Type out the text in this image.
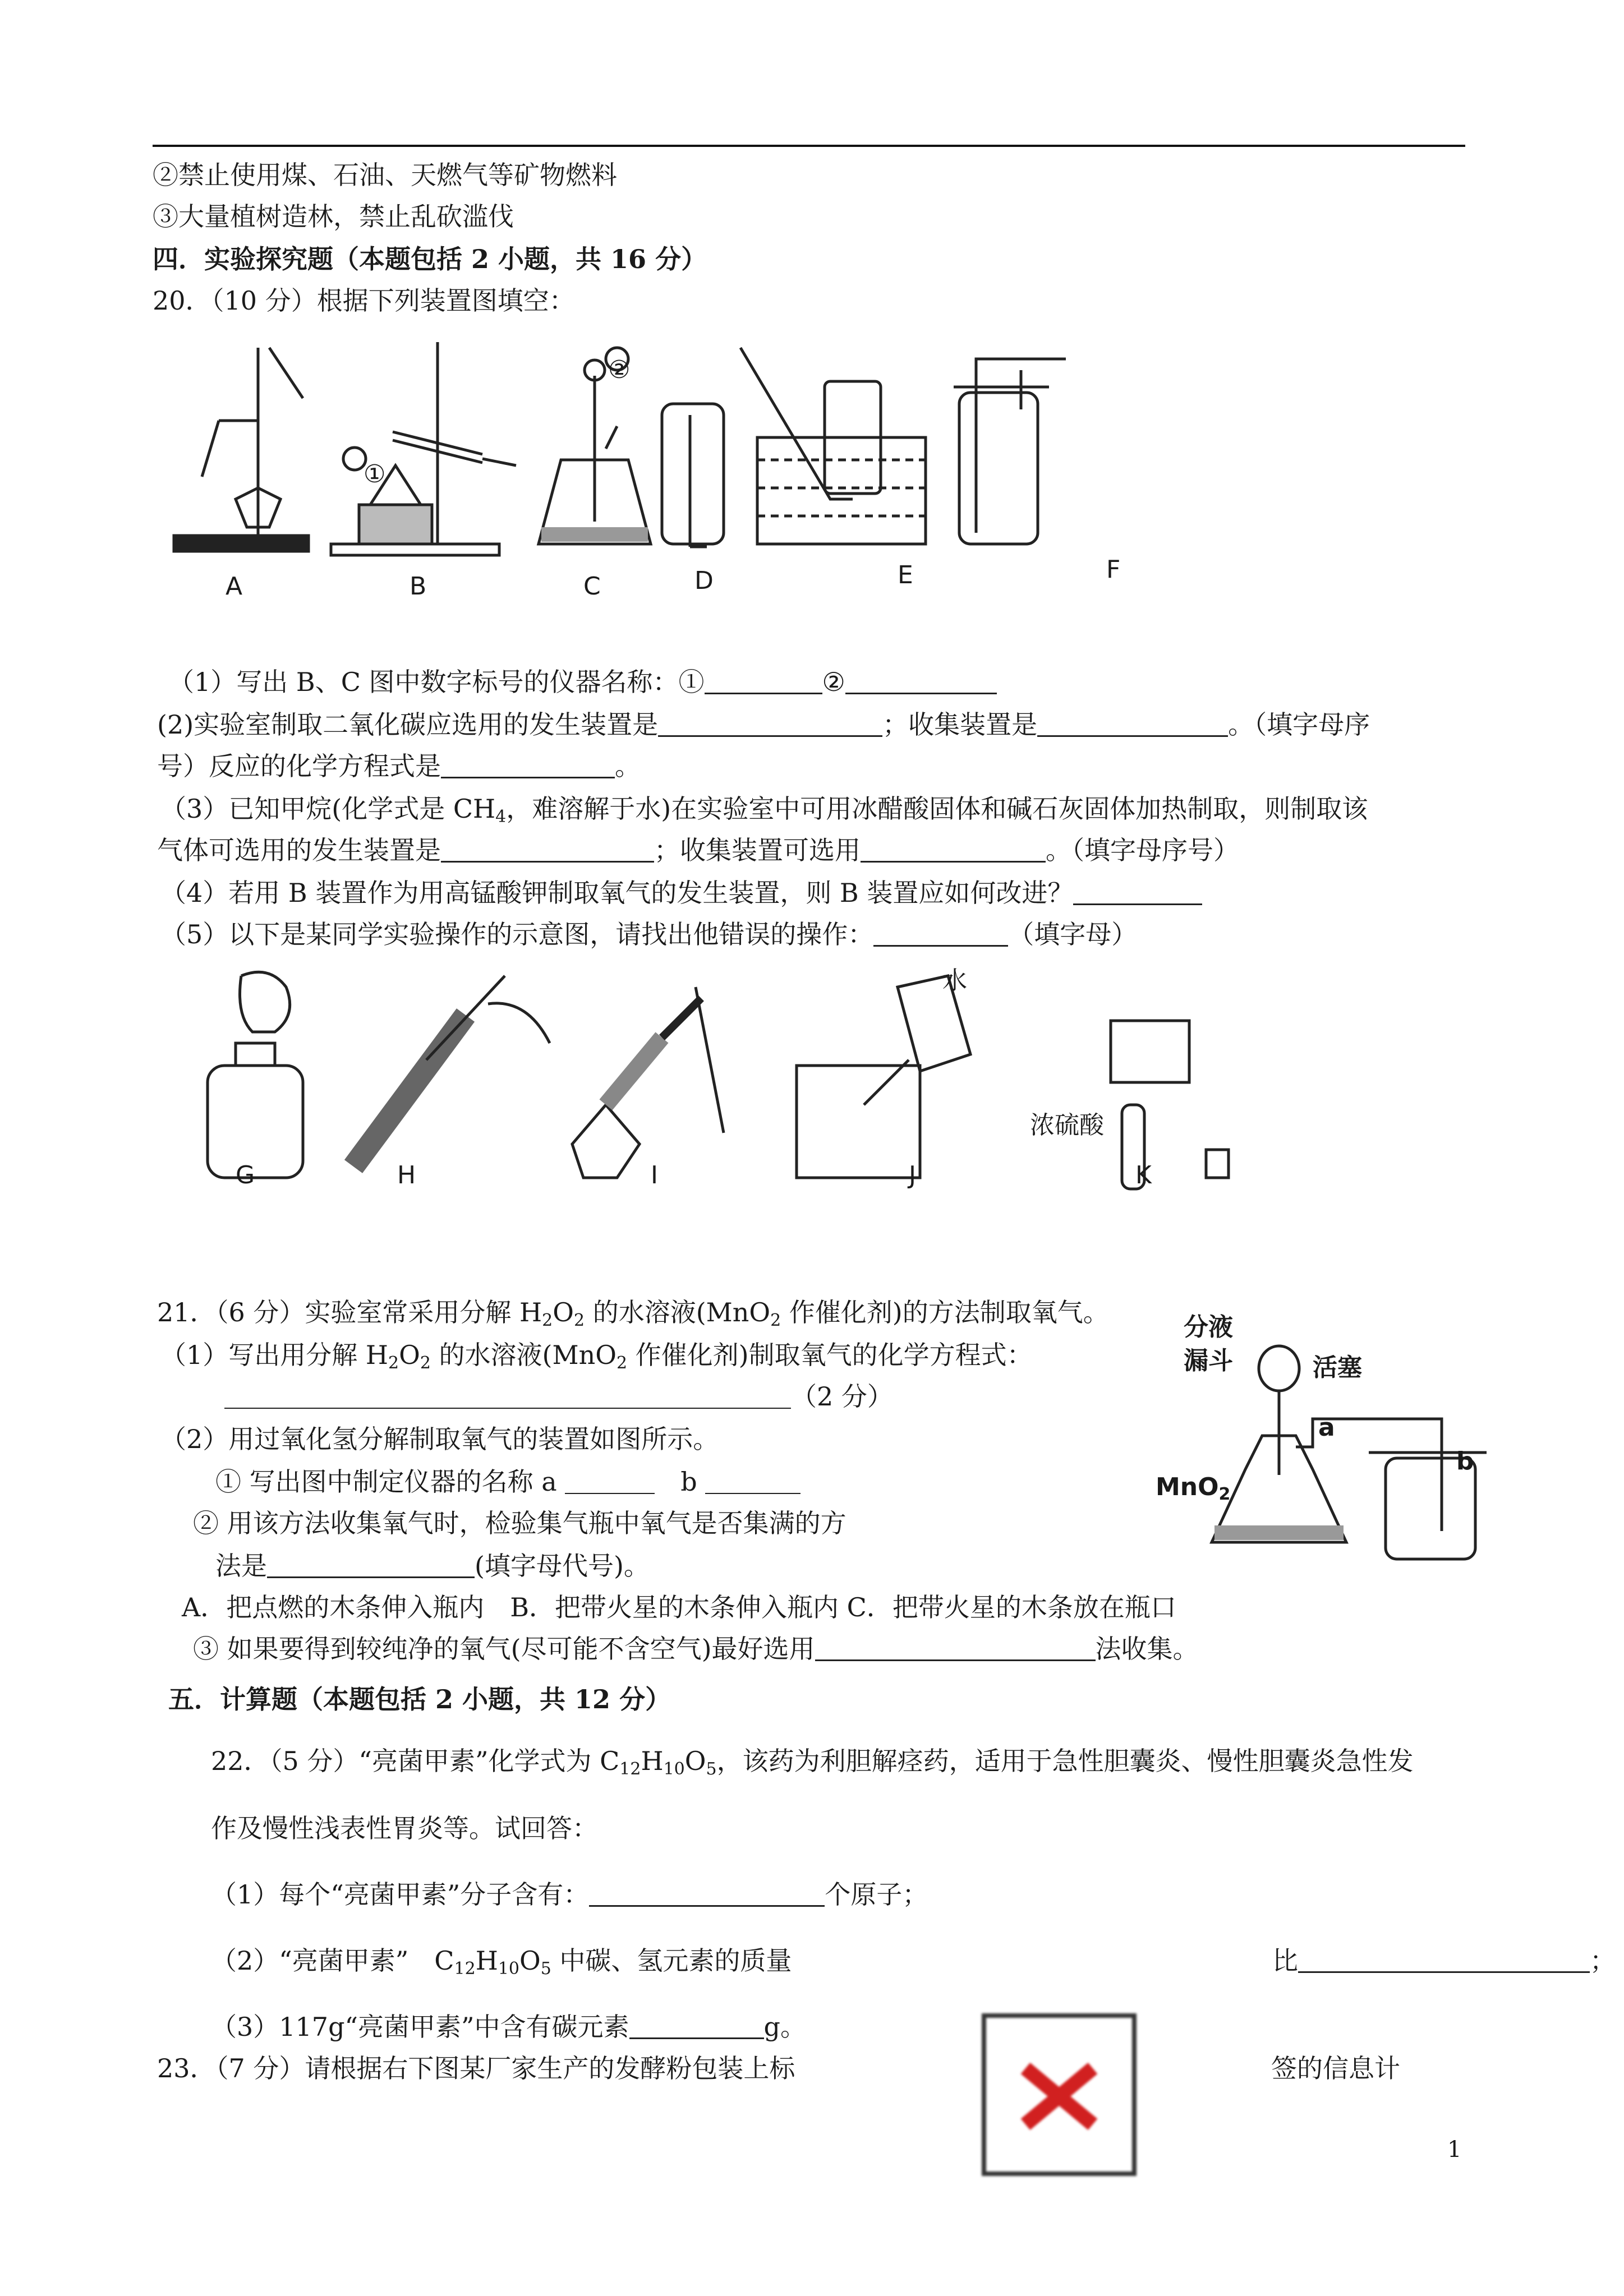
②禁止使用煤、石油、天燃气等矿物燃料
③大量植树造林，禁止乱砍滥伐
四．实验探究题（本题包括 2 小题，共 16 分）
20．（10 分）根据下列装置图填空：
①
②
A	B	C	D	E	F
（1）写出 B、C 图中数字标号的仪器名称：①	②
(2)实验室制取二氧化碳应选用的发生装置是	；收集装置是	。（填字母序
号）反应的化学方程式是	。
（3）已知甲烷(化学式是 $CH_4$，难溶解于水)在实验室中可用冰醋酸固体和碱石灰固体加热制取，则制取该
气体可选用的发生装置是	；收集装置可选用	。（填字母序号）
（4）若用 B 装置作为用高锰酸钾制取氧气的发生装置，则 B 装置应如何改进？
（5）以下是某同学实验操作的示意图，请找出他错误的操作：	（填字母）
水
浓硫酸
G	H	I	J	K
21．（6 分）实验室常采用分解 $H_2O_2$ 的水溶液(MnO$_2$ 作催化剂)的方法制取氧气。
（1）写出用分解 $H_2O_2$ 的水溶液(MnO$_2$ 作催化剂)制取氧气的化学方程式：
（2 分）
（2）用过氧化氢分解制取氧气的装置如图所示。
① 写出图中制定仪器的名称 a 　	b
② 用该方法收集氧气时，检验集气瓶中氧气是否集满的方
法是	(填字母代号)。
A．把点燃的木条伸入瓶内　B．把带火星的木条伸入瓶内 C．把带火星的木条放在瓶口
③ 如果要得到较纯净的氧气(尽可能不含空气)最好选用	法收集。
分液
漏斗	活塞
a
b
MnO$_2$
五．计算题（本题包括 2 小题，共 12 分）
22．（5 分）“亮菌甲素”化学式为 $C_{12}H_{10}O_5$，该药为利胆解痉药，适用于急性胆囊炎、慢性胆囊炎急性发
作及慢性浅表性胃炎等。试回答：
（1）每个“亮菌甲素”分子含有：	个原子；
（2）“亮菌甲素”　$C_{12}H_{10}O_5$ 中碳、氢元素的质量	比	；
（3）117g“亮菌甲素”中含有碳元素	g。
23．（7 分）请根据右下图某厂家生产的发酵粉包装上标	签的信息计
1
